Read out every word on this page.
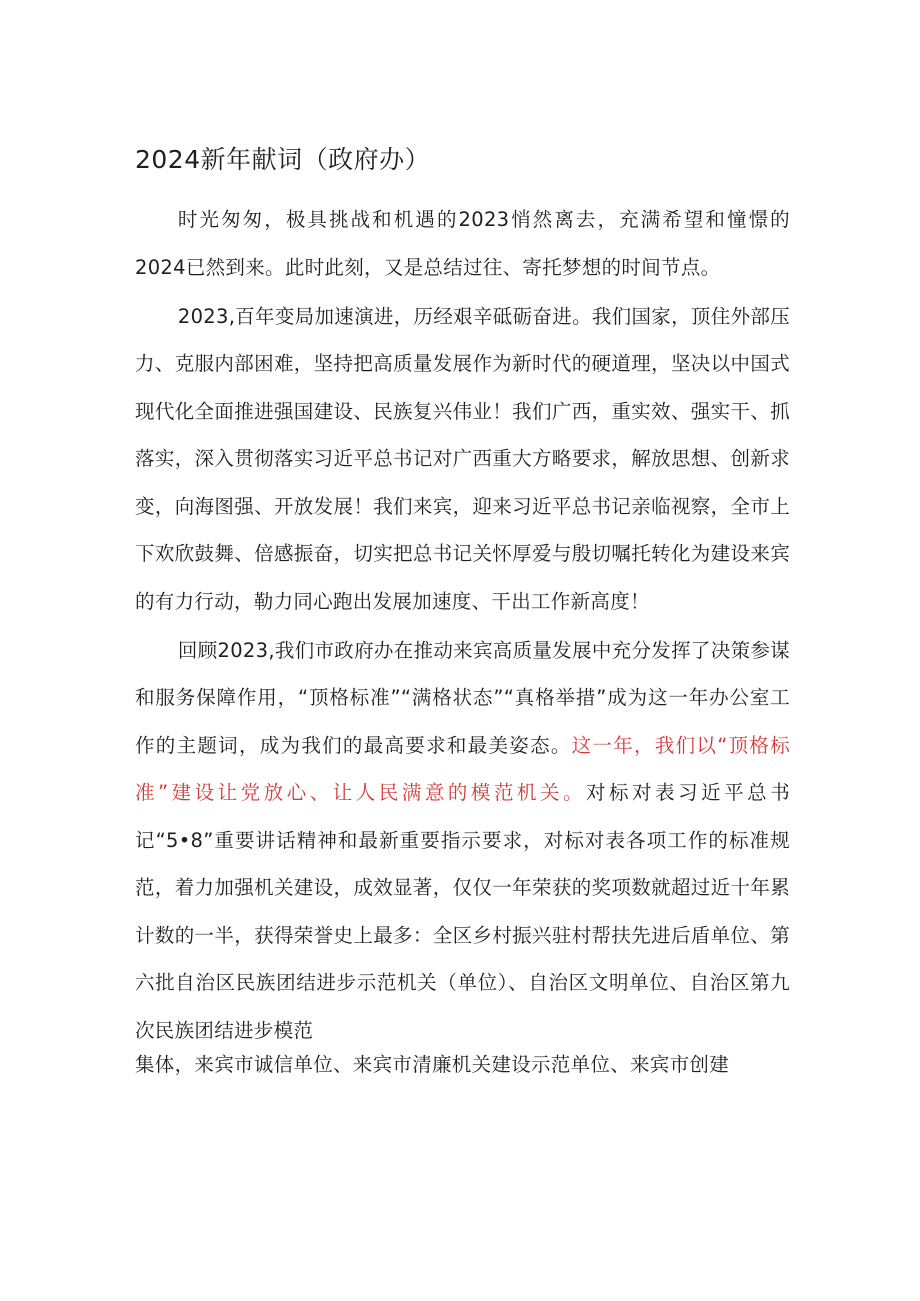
2024新年献词（政府办）

时光匆匆，极具挑战和机遇的2023悄然离去，充满希望和憧憬的2024已然到来。此时此刻，又是总结过往、寄托梦想的时间节点。

2023,百年变局加速演进，历经艰辛砥砺奋进。我们国家，顶住外部压力、克服内部困难，坚持把高质量发展作为新时代的硬道理，坚决以中国式现代化全面推进强国建设、民族复兴伟业！我们广西，重实效、强实干、抓落实，深入贯彻落实习近平总书记对广西重大方略要求，解放思想、创新求变，向海图强、开放发展！我们来宾，迎来习近平总书记亲临视察，全市上下欢欣鼓舞、倍感振奋，切实把总书记关怀厚爱与殷切嘱托转化为建设来宾的有力行动，勒力同心跑出发展加速度、干出工作新高度！

回顾2023,我们市政府办在推动来宾高质量发展中充分发挥了决策参谋和服务保障作用，“顶格标准”“满格状态”“真格举措”成为这一年办公室工作的主题词，成为我们的最高要求和最美姿态。这一年，我们以“顶格标准”建设让党放心、让人民满意的模范机关。对标对表习近平总书记“5•8”重要讲话精神和最新重要指示要求，对标对表各项工作的标准规范，着力加强机关建设，成效显著，仅仅一年荣获的奖项数就超过近十年累计数的一半，获得荣誉史上最多：全区乡村振兴驻村帮扶先进后盾单位、第六批自治区民族团结进步示范机关（单位）、自治区文明单位、自治区第九次民族团结进步模范

集体，来宾市诚信单位、来宾市清廉机关建设示范单位、来宾市创建
